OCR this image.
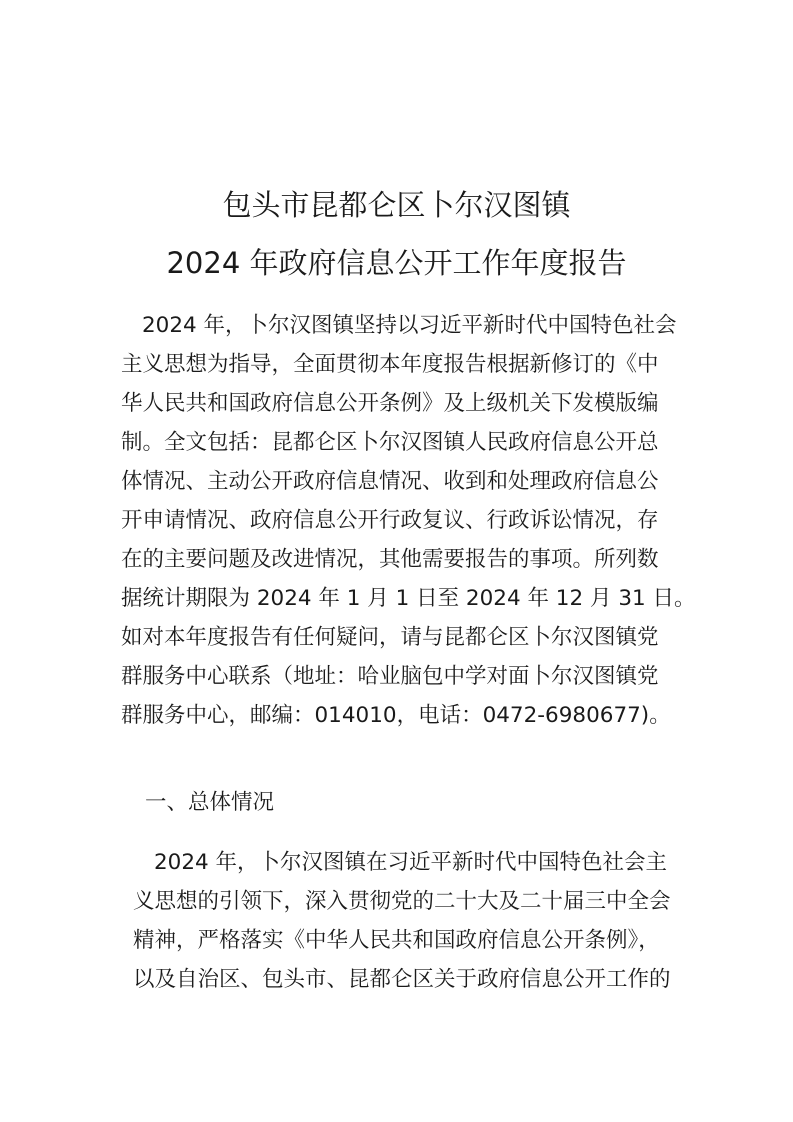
包头市昆都仑区卜尔汉图镇
2024 年政府信息公开工作年度报告
2024 年，卜尔汉图镇坚持以习近平新时代中国特色社会
主义思想为指导，全面贯彻本年度报告根据新修订的《中
华人民共和国政府信息公开条例》及上级机关下发模版编
制。全文包括：昆都仑区卜尔汉图镇人民政府信息公开总
体情况、主动公开政府信息情况、收到和处理政府信息公
开申请情况、政府信息公开行政复议、行政诉讼情况，存
在的主要问题及改进情况，其他需要报告的事项。所列数
据统计期限为 2024 年 1 月 1 日至 2024 年 12 月 31 日。
如对本年度报告有任何疑问，请与昆都仑区卜尔汉图镇党
群服务中心联系（地址：哈业脑包中学对面卜尔汉图镇党
群服务中心，邮编：014010，电话：0472-6980677)。
一、总体情况
2024 年，卜尔汉图镇在习近平新时代中国特色社会主
义思想的引领下，深入贯彻党的二十大及二十届三中全会
精神，严格落实《中华人民共和国政府信息公开条例》，
以及自治区、包头市、昆都仑区关于政府信息公开工作的
